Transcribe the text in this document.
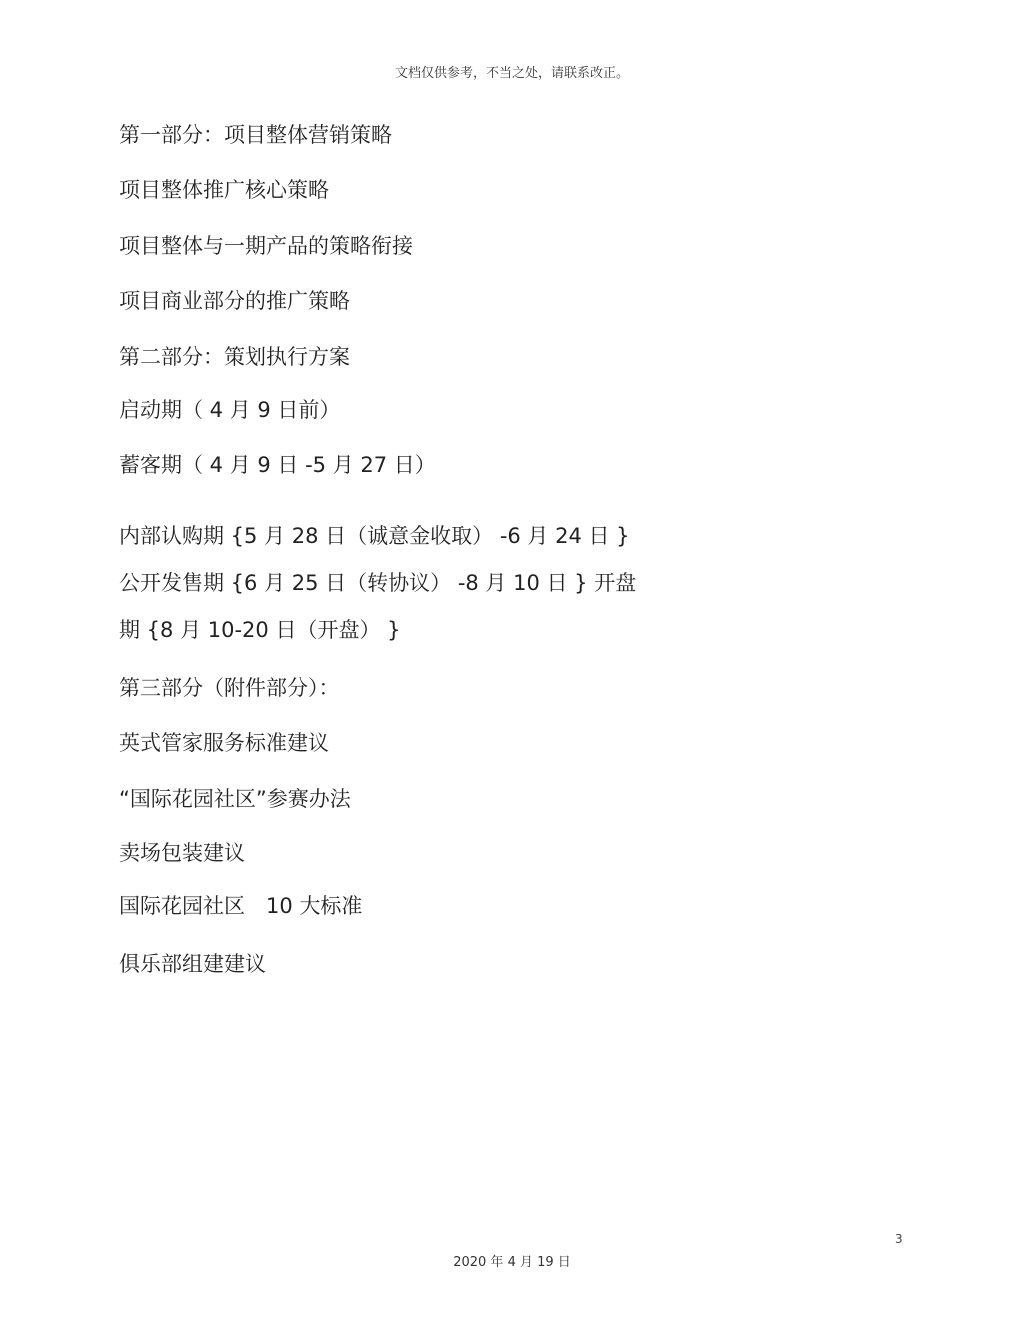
文档仅供参考，不当之处，请联系改正。
第一部分：项目整体营销策略
项目整体推广核心策略
项目整体与一期产品的策略衔接
项目商业部分的推广策略
第二部分：策划执行方案
启动期（ 4 月 9 日前）
蓄客期（ 4 月 9 日 -5 月 27 日）
内部认购期 {5 月 28 日（诚意金收取） -6 月 24 日 }
公开发售期 {6 月 25 日（转协议） -8 月 10 日 } 开盘
期 {8 月 10-20 日（开盘） }
第三部分（附件部分）：
英式管家服务标准建议
“国际花园社区”参赛办法
卖场包装建议
国际花园社区　10 大标准
俱乐部组建建议
3
2020 年 4 月 19 日
